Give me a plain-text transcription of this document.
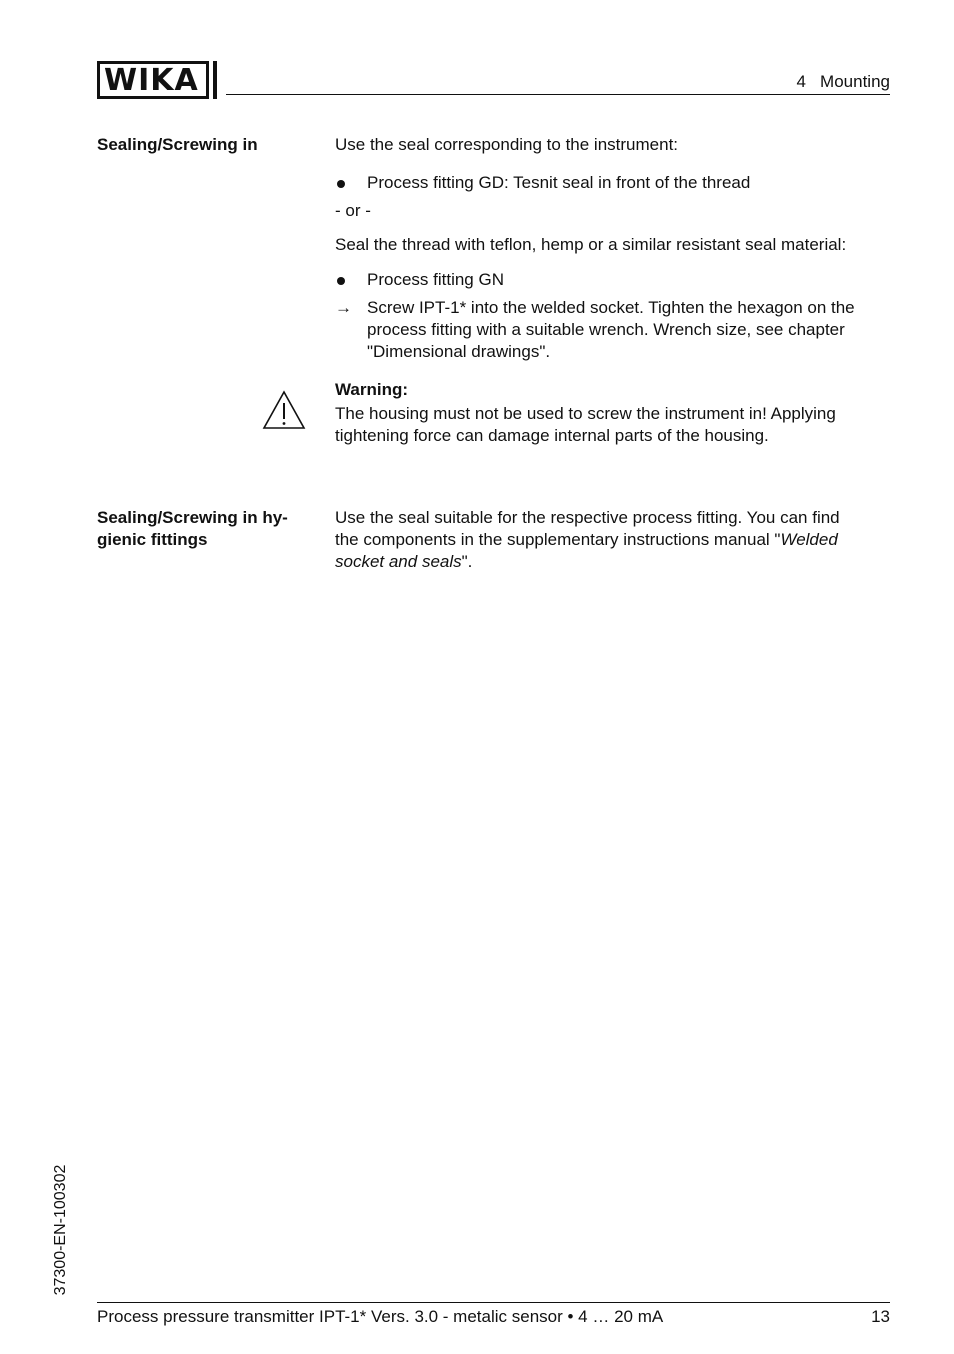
WIKA	4   Mounting
Sealing/Screwing in	Use the seal corresponding to the instrument:
Process fitting GD: Tesnit seal in front of the thread
- or -
Seal the thread with teflon, hemp or a similar resistant seal material:
Process fitting GN
→ Screw IPT-1* into the welded socket. Tighten the hexagon on the
process fitting with a suitable wrench. Wrench size, see chapter
"Dimensional drawings".
Warning:
The housing must not be used to screw the instrument in! Applying
tightening force can damage internal parts of the housing.
Sealing/Screwing in hy-
gienic fittings
Use the seal suitable for the respective process fitting. You can find
the components in the supplementary instructions manual "Welded
socket and seals".
37300-EN-100302
Process pressure transmitter IPT-1* Vers. 3.0 - metalic sensor • 4 … 20 mA	13
